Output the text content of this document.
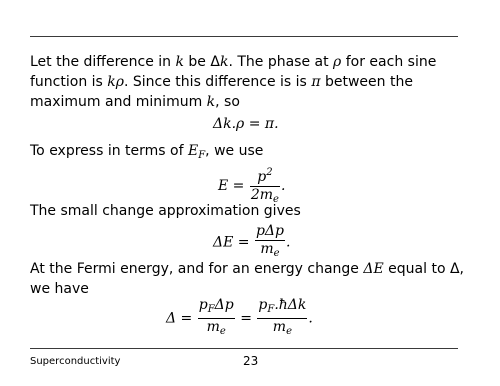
Let the difference in k be Δk. The phase at ρ for each sine
function is kρ. Since this difference is is π between the
maximum and minimum k, so
Δk.ρ = π.
To express in terms of $E_F$, we use
$E = \frac{p^2}{2m_e}$ .
The small change approximation gives
$\Delta E = \frac{\text{pΔp}}{m_e}$ .
At the Fermi energy, and for an energy change ΔE equal to Δ,
we have
$\Delta = \frac{p_F\Delta p}{m_e} = \frac{p_F.ħ\Delta k}{m_e}$ .
Superconductivity	23
